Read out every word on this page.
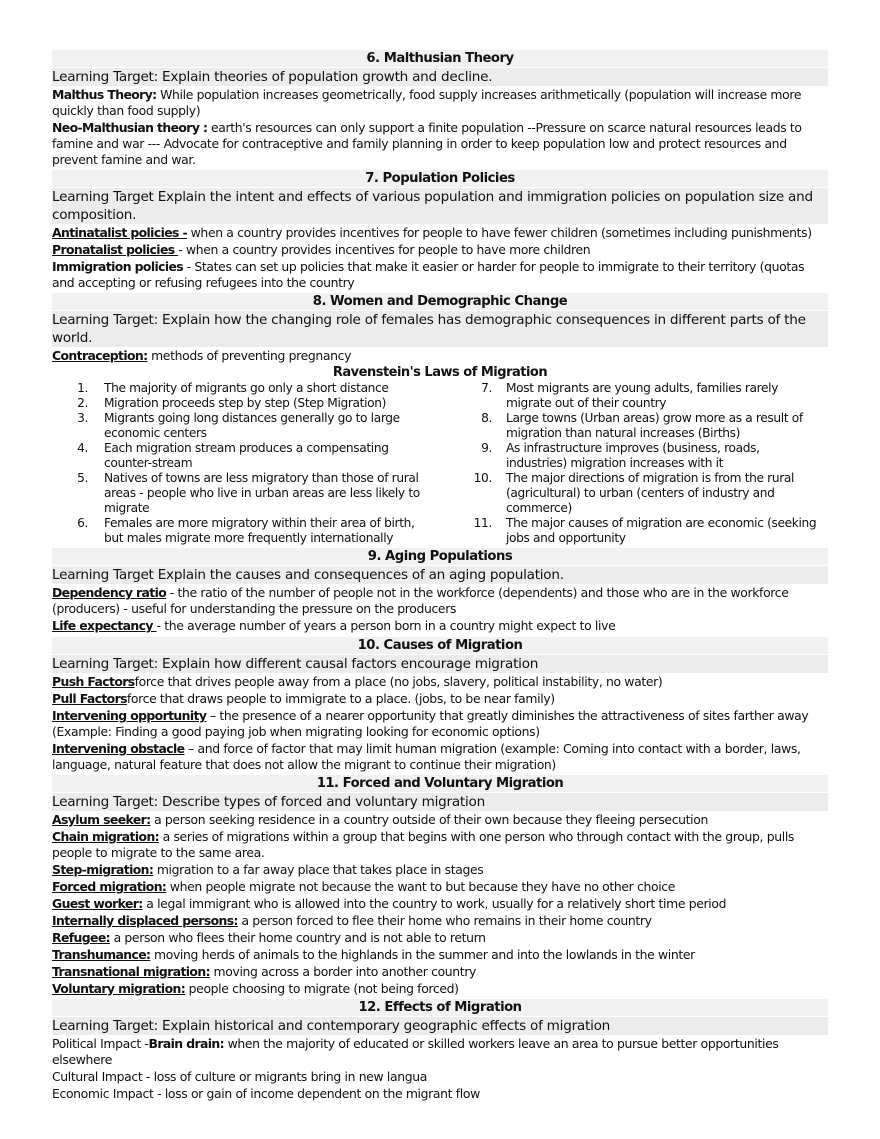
6. Malthusian Theory
Learning Target: Explain theories of population growth and decline.
Malthus Theory: While population increases geometrically, food supply increases arithmetically (population will increase more quickly than food supply)
Neo-Malthusian theory : earth's resources can only support a finite population --Pressure on scarce natural resources leads to famine and war --- Advocate for contraceptive and family planning in order to keep population low and protect resources and prevent famine and war.
7. Population Policies
Learning Target Explain the intent and effects of various population and immigration policies on population size and composition.
Antinatalist policies - when a country provides incentives for people to have fewer children (sometimes including punishments)
Pronatalist policies - when a country provides incentives for people to have more children
Immigration policies - States can set up policies that make it easier or harder for people to immigrate to their territory (quotas and accepting or refusing refugees into the country
8. Women and Demographic Change
Learning Target: Explain how the changing role of females has demographic consequences in different parts of the world.
Contraception: methods of preventing pregnancy
Ravenstein's Laws of Migration
1.	The majority of migrants go only a short distance
2.	Migration proceeds step by step (Step Migration)
3.	Migrants going long distances generally go to large economic centers
4.	Each migration stream produces a compensating counter-stream
5.	Natives of towns are less migratory than those of rural areas - people who live in urban areas are less likely to migrate
6.	Females are more migratory within their area of birth, but males migrate more frequently internationally
7.	Most migrants are young adults, families rarely migrate out of their country
8.	Large towns (Urban areas) grow more as a result of migration than natural increases (Births)
9.	As infrastructure improves (business, roads, industries) migration increases with it
10.	The major directions of migration is from the rural (agricultural) to urban (centers of industry and commerce)
11.	The major causes of migration are economic (seeking jobs and opportunity
9. Aging Populations
Learning Target Explain the causes and consequences of an aging population.
Dependency ratio - the ratio of the number of people not in the workforce (dependents) and those who are in the workforce (producers) - useful for understanding the pressure on the producers
Life expectancy - the average number of years a person born in a country might expect to live
10. Causes of Migration
Learning Target: Explain how different causal factors encourage migration
Push Factorsforce that drives people away from a place (no jobs, slavery, political instability, no water)
Pull Factorsforce that draws people to immigrate to a place. (jobs, to be near family)
Intervening opportunity – the presence of a nearer opportunity that greatly diminishes the attractiveness of sites farther away (Example: Finding a good paying job when migrating looking for economic options)
Intervening obstacle – and force of factor that may limit human migration (example: Coming into contact with a border, laws, language, natural feature that does not allow the migrant to continue their migration)
11. Forced and Voluntary Migration
Learning Target: Describe types of forced and voluntary migration
Asylum seeker: a person seeking residence in a country outside of their own because they fleeing persecution
Chain migration: a series of migrations within a group that begins with one person who through contact with the group, pulls people to migrate to the same area.
Step-migration: migration to a far away place that takes place in stages
Forced migration: when people migrate not because the want to but because they have no other choice
Guest worker: a legal immigrant who is allowed into the country to work, usually for a relatively short time period
Internally displaced persons: a person forced to flee their home who remains in their home country
Refugee: a person who flees their home country and is not able to return
Transhumance: moving herds of animals to the highlands in the summer and into the lowlands in the winter
Transnational migration: moving across a border into another country
Voluntary migration: people choosing to migrate (not being forced)
12. Effects of Migration
Learning Target: Explain historical and contemporary geographic effects of migration
Political Impact -Brain drain: when the majority of educated or skilled workers leave an area to pursue better opportunities elsewhere
Cultural Impact - loss of culture or migrants bring in new langua
Economic Impact - loss or gain of income dependent on the migrant flow
